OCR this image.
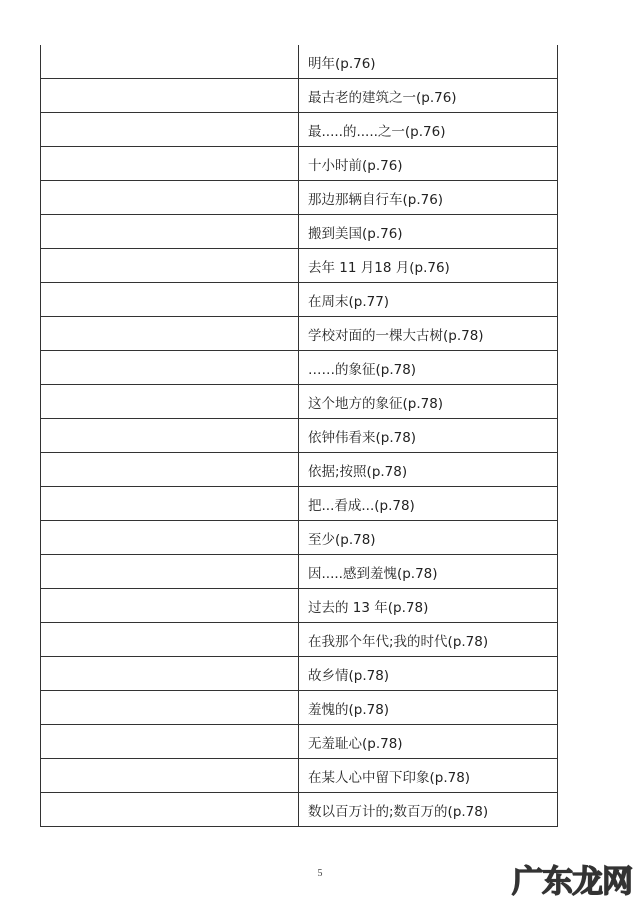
	明年(p.76)
	最古老的建筑之一(p.76)
	最.....的.....之一(p.76)
	十小时前(p.76)
	那边那辆自行车(p.76)
	搬到美国(p.76)
	去年 11 月18 月(p.76)
	在周末(p.77)
	学校对面的一棵大古树(p.78)
	……的象征(p.78)
	这个地方的象征(p.78)
	依钟伟看来(p.78)
	依据;按照(p.78)
	把...看成...(p.78)
	至少(p.78)
	因.....感到羞愧(p.78)
	过去的 13 年(p.78)
	在我那个年代;我的时代(p.78)
	故乡情(p.78)
	羞愧的(p.78)
	无羞耻心(p.78)
	在某人心中留下印象(p.78)
	数以百万计的;数百万的(p.78)
5	广东龙网
